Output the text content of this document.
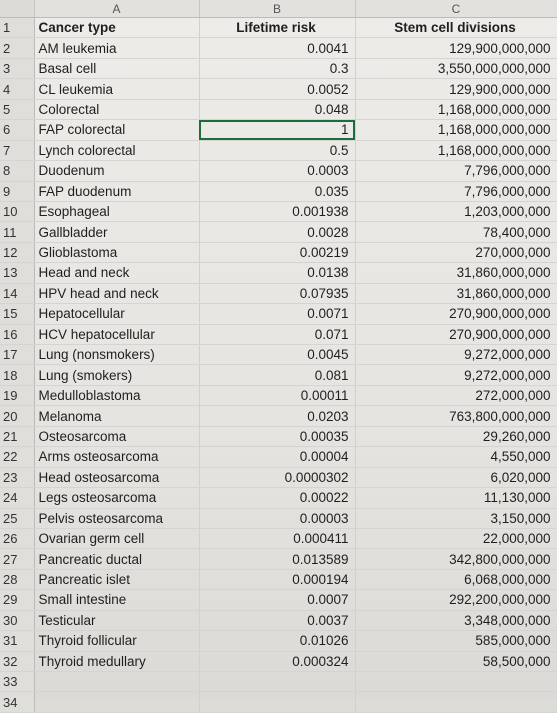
	A	B	C
1	Cancer type	Lifetime risk	Stem cell divisions
2	AM leukemia	0.0041	129,900,000,000
3	Basal cell	0.3	3,550,000,000,000
4	CL leukemia	0.0052	129,900,000,000
5	Colorectal	0.048	1,168,000,000,000
6	FAP colorectal	1	1,168,000,000,000
7	Lynch colorectal	0.5	1,168,000,000,000
8	Duodenum	0.0003	7,796,000,000
9	FAP duodenum	0.035	7,796,000,000
10	Esophageal	0.001938	1,203,000,000
11	Gallbladder	0.0028	78,400,000
12	Glioblastoma	0.00219	270,000,000
13	Head and neck	0.0138	31,860,000,000
14	HPV head and neck	0.07935	31,860,000,000
15	Hepatocellular	0.0071	270,900,000,000
16	HCV hepatocellular	0.071	270,900,000,000
17	Lung (nonsmokers)	0.0045	9,272,000,000
18	Lung (smokers)	0.081	9,272,000,000
19	Medulloblastoma	0.00011	272,000,000
20	Melanoma	0.0203	763,800,000,000
21	Osteosarcoma	0.00035	29,260,000
22	Arms osteosarcoma	0.00004	4,550,000
23	Head osteosarcoma	0.0000302	6,020,000
24	Legs osteosarcoma	0.00022	11,130,000
25	Pelvis osteosarcoma	0.00003	3,150,000
26	Ovarian germ cell	0.000411	22,000,000
27	Pancreatic ductal	0.013589	342,800,000,000
28	Pancreatic islet	0.000194	6,068,000,000
29	Small intestine	0.0007	292,200,000,000
30	Testicular	0.0037	3,348,000,000
31	Thyroid follicular	0.01026	585,000,000
32	Thyroid medullary	0.000324	58,500,000
33			
34			
